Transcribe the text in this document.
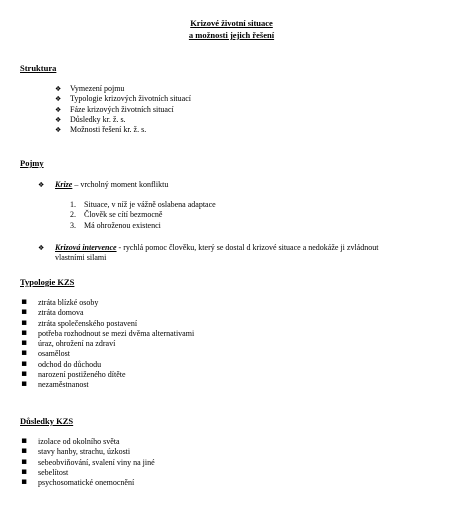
Krizové životní situace
a možnosti jejich řešení
Struktura
❖ Vymezení pojmu
❖ Typologie krizových životních situací
❖ Fáze krizových životních situací
❖ Důsledky kr. ž. s.
❖ Možnosti řešení kr. ž. s.
Pojmy
❖ Krize – vrcholný moment konfliktu
1. Situace, v níž je vážně oslabena adaptace
2. Člověk se cítí bezmocně
3. Má ohroženou existenci
❖ Krizová intervence - rychlá pomoc člověku, který se dostal d krizové situace a nedokáže ji zvládnout
vlastními silami
Typologie KZS
▪ ztráta blízké osoby
▪ ztráta domova
▪ ztráta společenského postavení
▪ potřeba rozhodnout se mezi dvěma alternativami
▪ úraz, ohrožení na zdraví
▪ osamělost
▪ odchod do důchodu
▪ narození postiženého dítěte
▪ nezaměstnanost
Důsledky KZS
▪ izolace od okolního světa
▪ stavy hanby, strachu, úzkosti
▪ sebeobviňování, svalení viny na jiné
▪ sebelítost
▪ psychosomatické onemocnění
